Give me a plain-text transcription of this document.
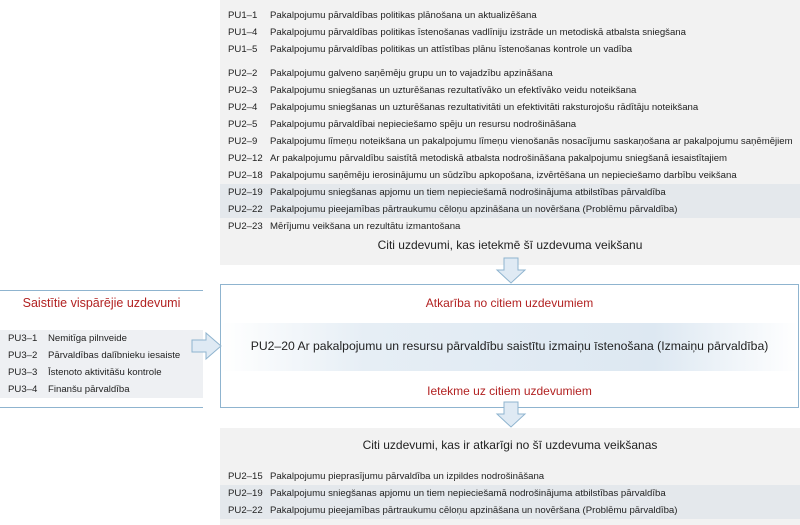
PU1–1 Pakalpojumu pārvaldības politikas plānošana un aktualizēšana
PU1–4 Pakalpojumu pārvaldības politikas īstenošanas vadlīniju izstrāde un metodiskā atbalsta sniegšana
PU1–5 Pakalpojumu pārvaldības politikas un attīstības plānu īstenošanas kontrole un vadība
PU2–2 Pakalpojumu galveno saņēmēju grupu un to vajadzību apzināšana
PU2–3 Pakalpojumu sniegšanas un uzturēšanas rezultatīvāko un efektīvāko veidu noteikšana
PU2–4 Pakalpojumu sniegšanas un uzturēšanas rezultativitāti un efektivitāti raksturojošu rādītāju noteikšana
PU2–5 Pakalpojumu pārvaldībai nepieciešamo spēju un resursu nodrošināšana
PU2–9 Pakalpojumu līmeņu noteikšana un pakalpojumu līmeņu vienošanās nosacījumu saskaņošana ar pakalpojumu saņēmējiem
PU2–12 Ar pakalpojumu pārvaldību saistītā metodiskā atbalsta nodrošināšana pakalpojumu sniegšanā iesaistītajiem
PU2–18 Pakalpojumu saņēmēju ierosinājumu un sūdzību apkopošana, izvērtēšana un nepieciešamo darbību veikšana
PU2–19 Pakalpojumu sniegšanas apjomu un tiem nepieciešamā nodrošinājuma atbilstības pārvaldība
PU2–22 Pakalpojumu pieejamības pārtraukumu cēloņu apzināšana un novēršana (Problēmu pārvaldība)
PU2–23 Mērījumu veikšana un rezultātu izmantošana
Citi uzdevumi, kas ietekmē šī uzdevuma veikšanu
Atkarība no citiem uzdevumiem
PU2–20 Ar pakalpojumu un resursu pārvaldību saistītu izmaiņu īstenošana (Izmaiņu pārvaldība)
Ietekme uz citiem uzdevumiem
Saistītie vispārējie uzdevumi
PU3–1 Nemitīga pilnveide
PU3–2 Pārvaldības dalībnieku iesaiste
PU3–3 Īstenoto aktivitāšu kontrole
PU3–4 Finanšu pārvaldība
Citi uzdevumi, kas ir atkarīgi no šī uzdevuma veikšanas
PU2–15 Pakalpojumu pieprasījumu pārvaldība un izpildes nodrošināšana
PU2–19 Pakalpojumu sniegšanas apjomu un tiem nepieciešamā nodrošinājuma atbilstības pārvaldība
PU2–22 Pakalpojumu pieejamības pārtraukumu cēloņu apzināšana un novēršana (Problēmu pārvaldība)
